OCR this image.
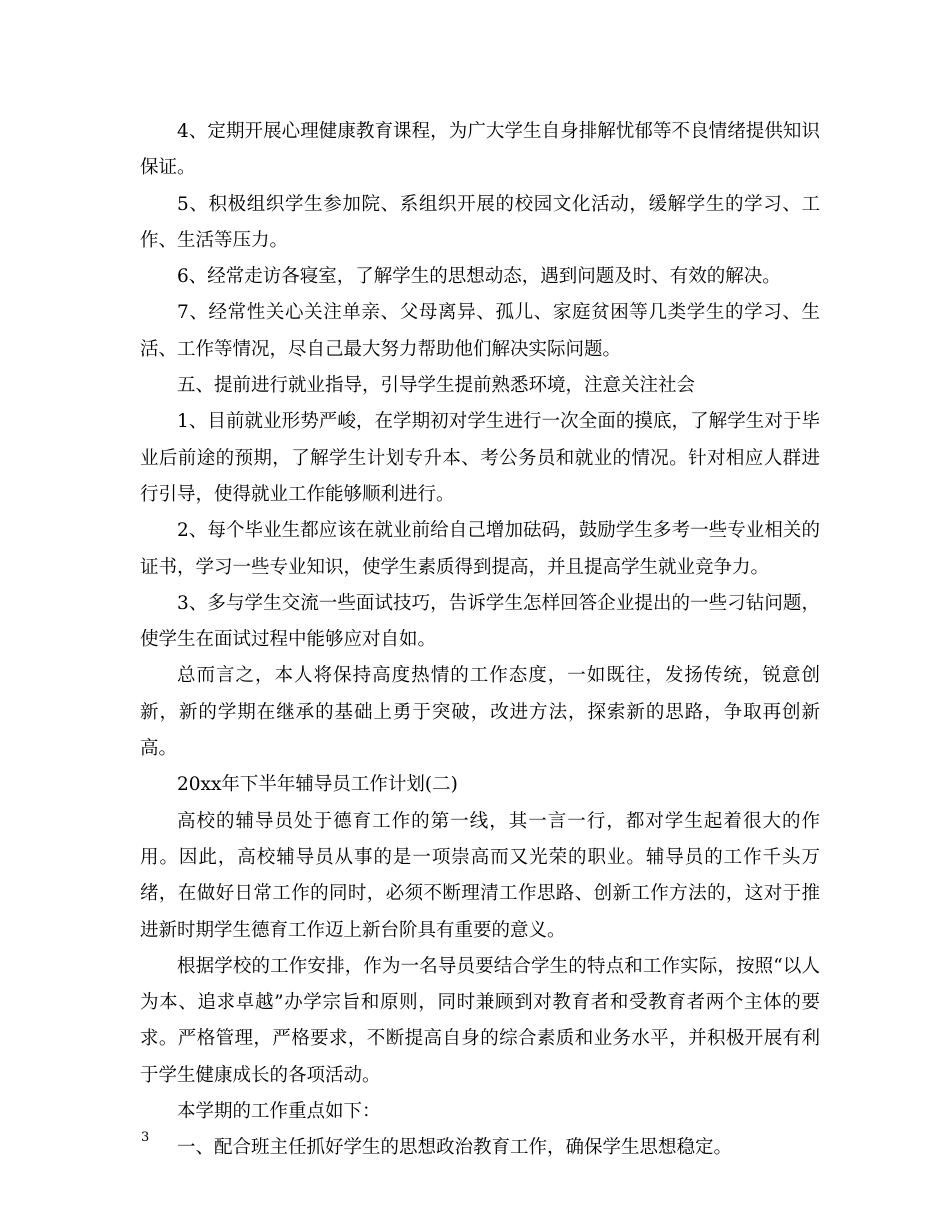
4、定期开展心理健康教育课程，为广大学生自身排解忧郁等不良情绪提供知识保证。

5、积极组织学生参加院、系组织开展的校园文化活动，缓解学生的学习、工作、生活等压力。

6、经常走访各寝室，了解学生的思想动态，遇到问题及时、有效的解决。

7、经常性关心关注单亲、父母离异、孤儿、家庭贫困等几类学生的学习、生活、工作等情况，尽自己最大努力帮助他们解决实际问题。

五、提前进行就业指导，引导学生提前熟悉环境，注意关注社会

1、目前就业形势严峻，在学期初对学生进行一次全面的摸底，了解学生对于毕业后前途的预期，了解学生计划专升本、考公务员和就业的情况。针对相应人群进行引导，使得就业工作能够顺利进行。

2、每个毕业生都应该在就业前给自己增加砝码，鼓励学生多考一些专业相关的证书，学习一些专业知识，使学生素质得到提高，并且提高学生就业竞争力。

3、多与学生交流一些面试技巧，告诉学生怎样回答企业提出的一些刁钻问题，使学生在面试过程中能够应对自如。

总而言之，本人将保持高度热情的工作态度，一如既往，发扬传统，锐意创新，新的学期在继承的基础上勇于突破，改进方法，探索新的思路，争取再创新高。

20xx年下半年辅导员工作计划(二)

高校的辅导员处于德育工作的第一线，其一言一行，都对学生起着很大的作用。因此，高校辅导员从事的是一项崇高而又光荣的职业。辅导员的工作千头万绪，在做好日常工作的同时，必须不断理清工作思路、创新工作方法的，这对于推进新时期学生德育工作迈上新台阶具有重要的意义。

根据学校的工作安排，作为一名导员要结合学生的特点和工作实际，按照“以人为本、追求卓越”办学宗旨和原则，同时兼顾到对教育者和受教育者两个主体的要求。严格管理，严格要求，不断提高自身的综合素质和业务水平，并积极开展有利于学生健康成长的各项活动。

本学期的工作重点如下：

一、配合班主任抓好学生的思想政治教育工作，确保学生思想稳定。

3
